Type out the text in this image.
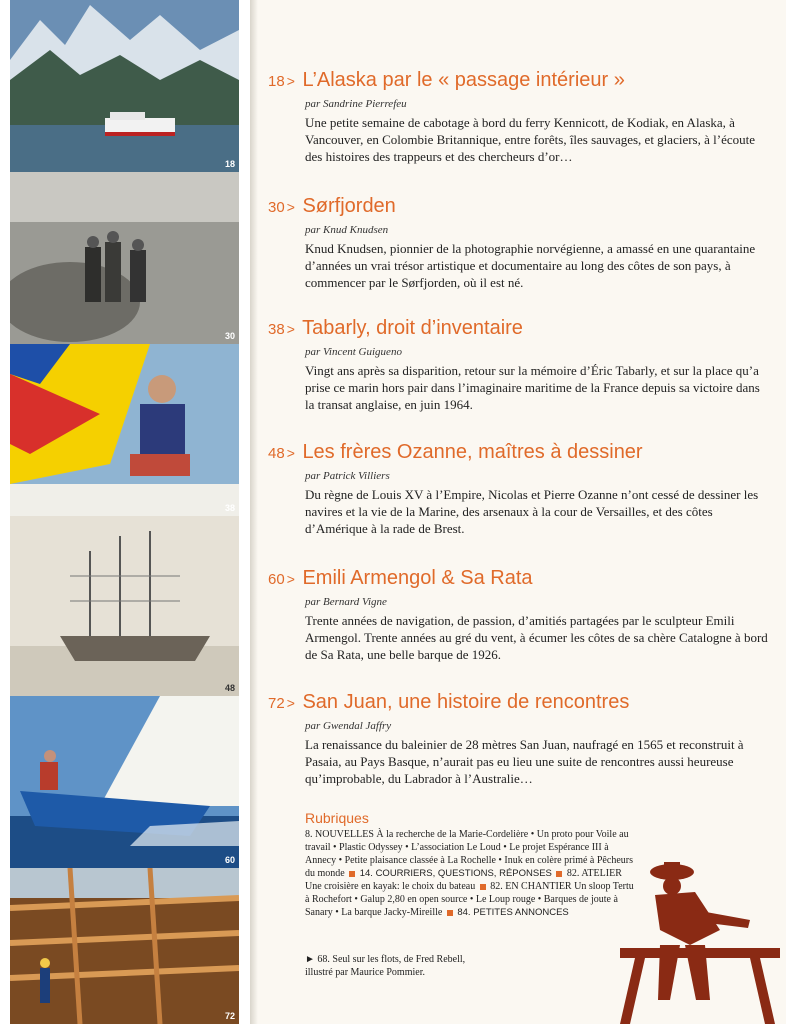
18
30
38
48
60
72
18 > L’Alaska par le « passage intérieur »
par Sandrine Pierrefeu
Une petite semaine de cabotage à bord du ferry Kennicott, de Kodiak, en Alaska, à Vancouver, en Colombie Britannique, entre forêts, îles sauvages, et glaciers, à l’écoute des histoires des trappeurs et des chercheurs d’or…
30 > Sørfjorden
par Knud Knudsen
Knud Knudsen, pionnier de la photographie norvégienne, a amassé en une quarantaine d’années un vrai trésor artistique et documentaire au long des côtes de son pays, à commencer par le Sørfjorden, où il est né.
38 > Tabarly, droit d’inventaire
par Vincent Guigueno
Vingt ans après sa disparition, retour sur la mémoire d’Éric Tabarly, et sur la place qu’a prise ce marin hors pair dans l’imaginaire maritime de la France depuis sa victoire dans la transat anglaise, en juin 1964.
48 > Les frères Ozanne, maîtres à dessiner
par Patrick Villiers
Du règne de Louis XV à l’Empire, Nicolas et Pierre Ozanne n’ont cessé de dessiner les navires et la vie de la Marine, des arsenaux à la cour de Versailles, et des côtes d’Amérique à la rade de Brest.
60 > Emili Armengol & Sa Rata
par Bernard Vigne
Trente années de navigation, de passion, d’amitiés partagées par le sculpteur Emili Armengol. Trente années au gré du vent, à écumer les côtes de sa chère Catalogne à bord de Sa Rata, une belle barque de 1926.
72 > San Juan, une histoire de rencontres
par Gwendal Jaffry
La renaissance du baleinier de 28 mètres San Juan, naufragé en 1565 et reconstruit à Pasaia, au Pays Basque, n’aurait pas eu lieu une suite de rencontres aussi heureuse qu’improbable, du Labrador à l’Australie…
Rubriques
8. NOUVELLES À la recherche de la Marie-Cordelière • Un proto pour Voile au travail • Plastic Odyssey • L’association Le Loud • Le projet Espérance III à Annecy • Petite plaisance classée à La Rochelle • Inuk en colère primé à Pêcheurs du monde 14. COURRIERS, QUESTIONS, RÉPONSES 82. ATELIER Une croisière en kayak: le choix du bateau 82. EN CHANTIER Un sloop Tertu à Rochefort • Galup 2,80 en open source • Le Loup rouge • Barques de joute à Sanary • La barque Jacky-Mireille 84. PETITES ANNONCES
► 68. Seul sur les flots, de Fred Rebell,
illustré par Maurice Pommier.
